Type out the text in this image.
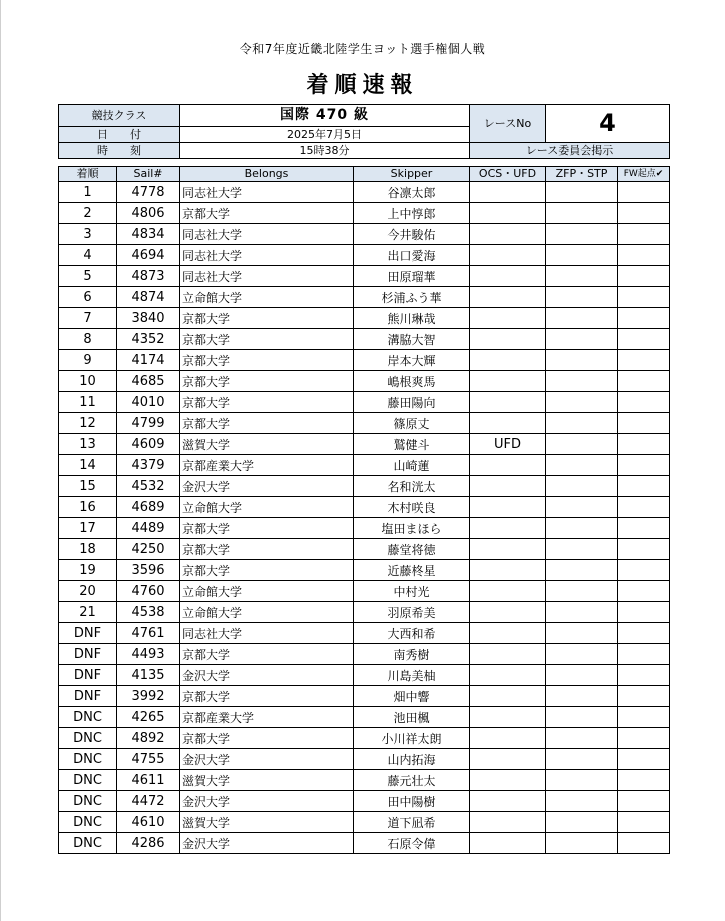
令和7年度近畿北陸学生ヨット選手権個人戦
着順速報
競技クラス	国際 470 級	レースNo	4
日　　付	2025年7月5日		
時　　刻	15時38分	レース委員会掲示	
着順	Sail#	Belongs	Skipper	OCS・UFD	ZFP・STP	FW起点✔
1	4778	同志社大学	谷凛太郎			
2	4806	京都大学	上中惇郎			
3	4834	同志社大学	今井駿佑			
4	4694	同志社大学	出口愛海			
5	4873	同志社大学	田原瑠華			
6	4874	立命館大学	杉浦ふう華			
7	3840	京都大学	熊川琳哉			
8	4352	京都大学	溝脇大智			
9	4174	京都大学	岸本大輝			
10	4685	京都大学	嶋根爽馬			
11	4010	京都大学	藤田陽向			
12	4799	京都大学	篠原丈			
13	4609	滋賀大学	鷲健斗	UFD		
14	4379	京都産業大学	山崎蓮			
15	4532	金沢大学	名和洸太			
16	4689	立命館大学	木村咲良			
17	4489	京都大学	塩田まほら			
18	4250	京都大学	藤堂将徳			
19	3596	京都大学	近藤柊星			
20	4760	立命館大学	中村光			
21	4538	立命館大学	羽原希美			
DNF	4761	同志社大学	大西和希			
DNF	4493	京都大学	南秀樹			
DNF	4135	金沢大学	川島美柚			
DNF	3992	京都大学	畑中響			
DNC	4265	京都産業大学	池田楓			
DNC	4892	京都大学	小川祥太朗			
DNC	4755	金沢大学	山内拓海			
DNC	4611	滋賀大学	藤元壮太			
DNC	4472	金沢大学	田中陽樹			
DNC	4610	滋賀大学	道下凪希			
DNC	4286	金沢大学	石原令偉			
